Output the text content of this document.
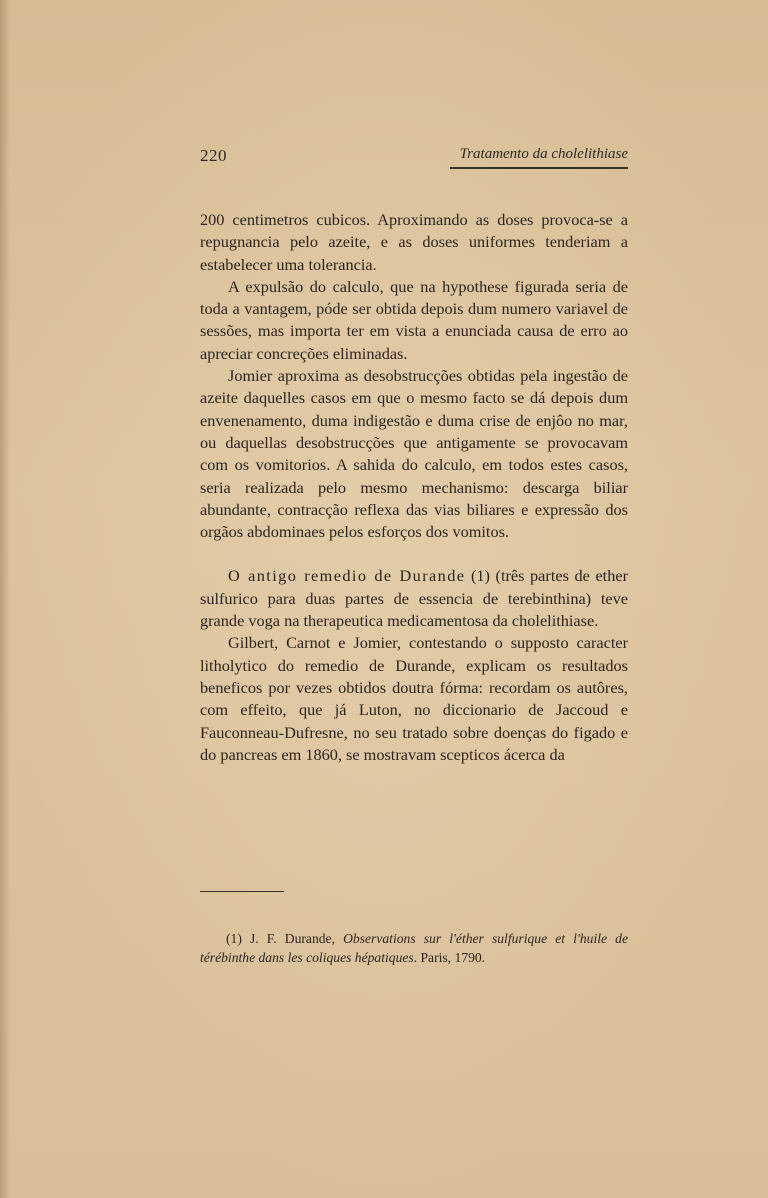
220	Tratamento da cholelithiase

200 centimetros cubicos. Aproximando as doses provoca-se a repugnancia pelo azeite, e as doses uniformes tenderiam a estabelecer uma tolerancia.

A expulsão do calculo, que na hypothese figurada seria de toda a vantagem, póde ser obtida depois dum numero variavel de sessões, mas importa ter em vista a enunciada causa de erro ao apreciar concreções eliminadas.

Jomier aproxima as desobstrucções obtidas pela ingestão de azeite daquelles casos em que o mesmo facto se dá depois dum envenenamento, duma indigestão e duma crise de enjôo no mar, ou daquellas desobstrucções que antigamente se provocavam com os vomitorios. A sahida do calculo, em todos estes casos, seria realizada pelo mesmo mechanismo: descarga biliar abundante, contracção reflexa das vias biliares e expressão dos orgãos abdominaes pelos esforços dos vomitos.

O antigo remedio de Durande (1) (três partes de ether sulfurico para duas partes de essencia de terebinthina) teve grande voga na therapeutica medicamentosa da cholelithiase.

Gilbert, Carnot e Jomier, contestando o supposto caracter litholytico do remedio de Durande, explicam os resultados beneficos por vezes obtidos doutra fórma: recordam os autôres, com effeito, que já Luton, no diccionario de Jaccoud e Fauconneau-Dufresne, no seu tratado sobre doenças do figado e do pancreas em 1860, se mostravam scepticos ácerca da

(1) J. F. Durande, Observations sur l'éther sulfurique et l'huile de térébinthe dans les coliques hépatiques. Paris, 1790.
